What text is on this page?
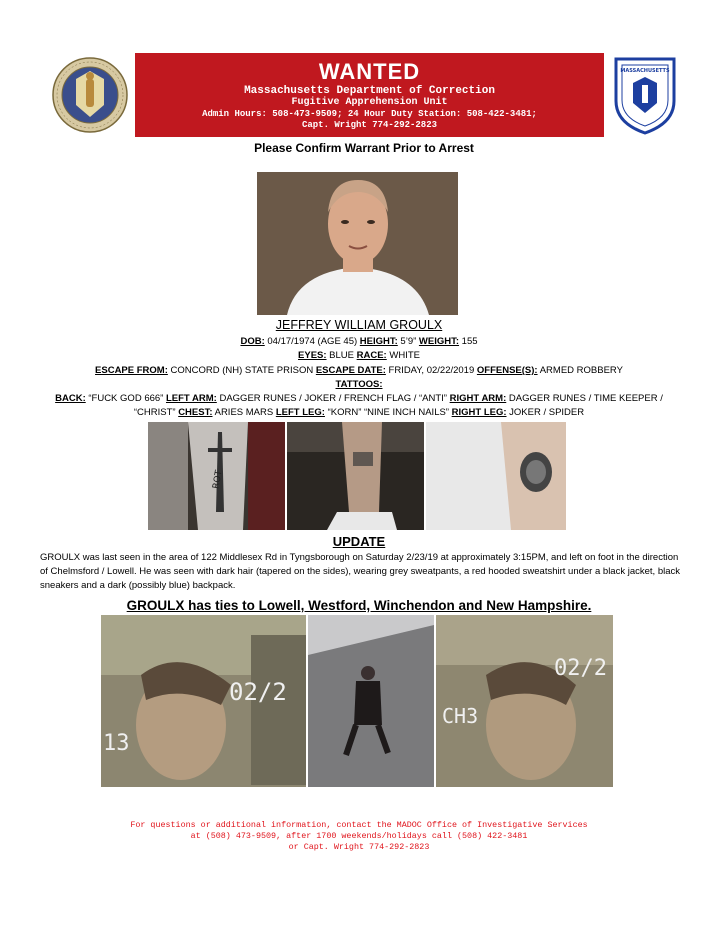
WANTED
Massachusetts Department of Correction
Fugitive Apprehension Unit
Admin Hours: 508-473-9509; 24 Hour Duty Station: 508-422-3481;
Capt. Wright 774-292-2823
MASSACHUSETTS
Please Confirm Warrant Prior to Arrest
JEFFREY WILLIAM GROULX
DOB: 04/17/1974 (AGE 45) HEIGHT: 5’9” WEIGHT: 155
EYES: BLUE RACE: WHITE
ESCAPE FROM: CONCORD (NH) STATE PRISON ESCAPE DATE: FRIDAY, 02/22/2019 OFFENSE(S): ARMED ROBBERY
TATTOOS:
BACK: “FUCK GOD 666” LEFT ARM: DAGGER RUNES / JOKER / FRENCH FLAG / “ANTI” RIGHT ARM: DAGGER RUNES / TIME KEEPER /
“CHRIST” CHEST: ARIES MARS LEFT LEG: “KORN” “NINE INCH NAILS” RIGHT LEG: JOKER / SPIDER
ROT
UPDATE
GROULX was last seen in the area of 122 Middlesex Rd in Tyngsborough on Saturday 2/23/19 at approximately 3:15PM, and left on foot in the direction of Chelmsford / Lowell. He was seen with dark hair (tapered on the sides), wearing grey sweatpants, a red hooded sweatshirt under a black jacket, black sneakers and a dark (possibly blue) backpack.
GROULX has ties to Lowell, Westford, Winchendon and New Hampshire.
02/2
13
02/2
CH3
For questions or additional information, contact the MADOC Office of Investigative Services
at (508) 473-9509, after 1700 weekends/holidays call (508) 422-3481
or Capt. Wright 774-292-2823
